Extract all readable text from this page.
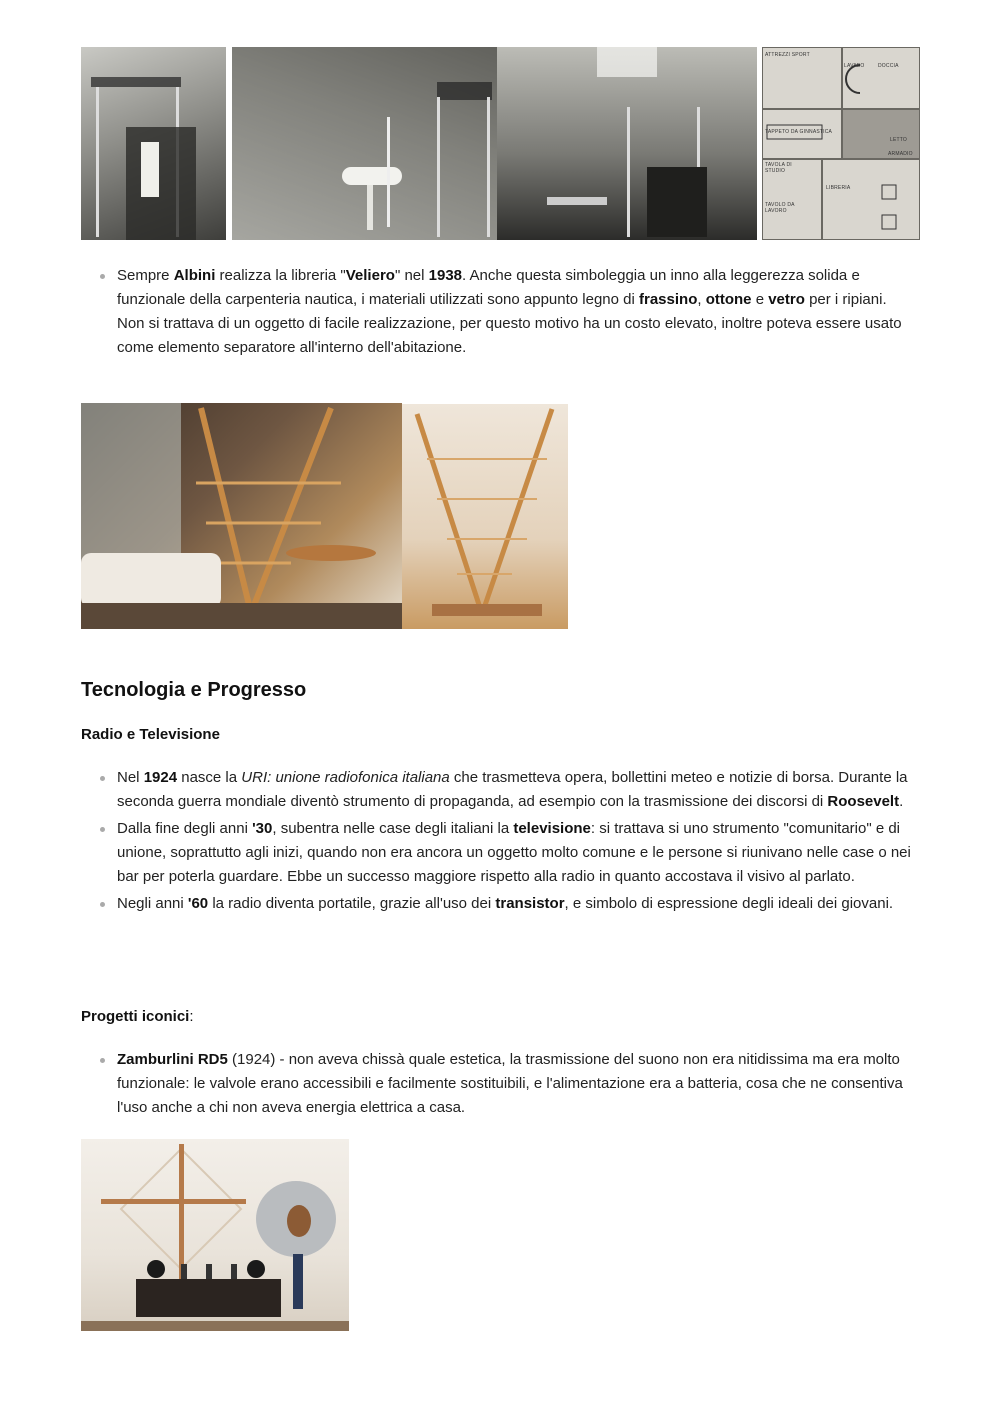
ATTREZZI SPORT
LAVABO	DOCCIA
TAPPETO DA GINNASTICA
LETTO
TAVOLA DI STUDIO
ARMADIO
LIBRERIA
TAVOLO DA LAVORO
Sempre Albini realizza la libreria "Veliero" nel 1938. Anche questa simboleggia un inno alla leggerezza solida e funzionale della carpenteria nautica, i materiali utilizzati sono appunto legno di frassino, ottone e vetro per i ripiani.
Non si trattava di un oggetto di facile realizzazione, per questo motivo ha un costo elevato, inoltre poteva essere usato come elemento separatore all'interno dell'abitazione.
Tecnologia e Progresso
Radio e Televisione
Nel 1924 nasce la URI: unione radiofonica italiana che trasmetteva opera, bollettini meteo e notizie di borsa. Durante la seconda guerra mondiale diventò strumento di propaganda, ad esempio con la trasmissione dei discorsi di Roosevelt.
Dalla fine degli anni '30, subentra nelle case degli italiani la televisione: si trattava si uno strumento "comunitario" e di unione, soprattutto agli inizi, quando non era ancora un oggetto molto comune e le persone si riunivano nelle case o nei bar per poterla guardare. Ebbe un successo maggiore rispetto alla radio in quanto accostava il visivo al parlato.
Negli anni '60 la radio diventa portatile, grazie all'uso dei transistor, e simbolo di espressione degli ideali dei giovani.
Progetti iconici:
Zamburlini RD5 (1924) - non aveva chissà quale estetica, la trasmissione del suono non era nitidissima ma era molto funzionale: le valvole erano accessibili e facilmente sostituibili, e l'alimentazione era a batteria, cosa che ne consentiva l'uso anche a chi non aveva energia elettrica a casa.
